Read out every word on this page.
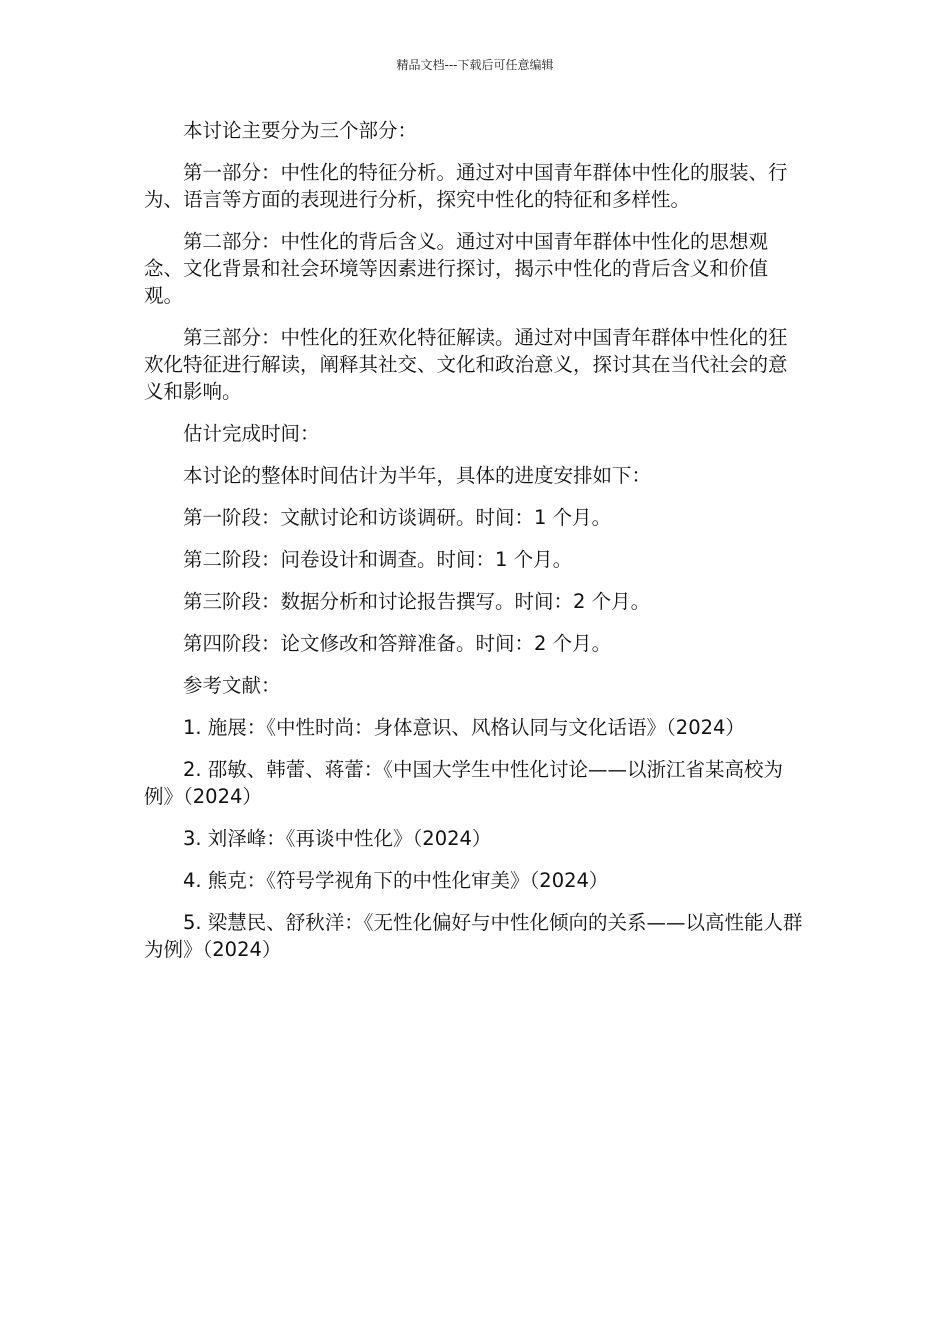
精品文档---下载后可任意编辑

本讨论主要分为三个部分：

第一部分：中性化的特征分析。通过对中国青年群体中性化的服装、行为、语言等方面的表现进行分析，探究中性化的特征和多样性。

第二部分：中性化的背后含义。通过对中国青年群体中性化的思想观念、文化背景和社会环境等因素进行探讨，揭示中性化的背后含义和价值观。

第三部分：中性化的狂欢化特征解读。通过对中国青年群体中性化的狂欢化特征进行解读，阐释其社交、文化和政治意义，探讨其在当代社会的意义和影响。

估计完成时间：

本讨论的整体时间估计为半年，具体的进度安排如下：

第一阶段：文献讨论和访谈调研。时间：1 个月。

第二阶段：问卷设计和调查。时间：1 个月。

第三阶段：数据分析和讨论报告撰写。时间：2 个月。

第四阶段：论文修改和答辩准备。时间：2 个月。

参考文献：

1. 施展：《中性时尚：身体意识、风格认同与文化话语》（2024）

2. 邵敏、韩蕾、蒋蕾：《中国大学生中性化讨论——以浙江省某高校为例》（2024）

3. 刘泽峰：《再谈中性化》（2024）

4. 熊克：《符号学视角下的中性化审美》（2024）

5. 梁慧民、舒秋洋：《无性化偏好与中性化倾向的关系——以高性能人群为例》（2024）
